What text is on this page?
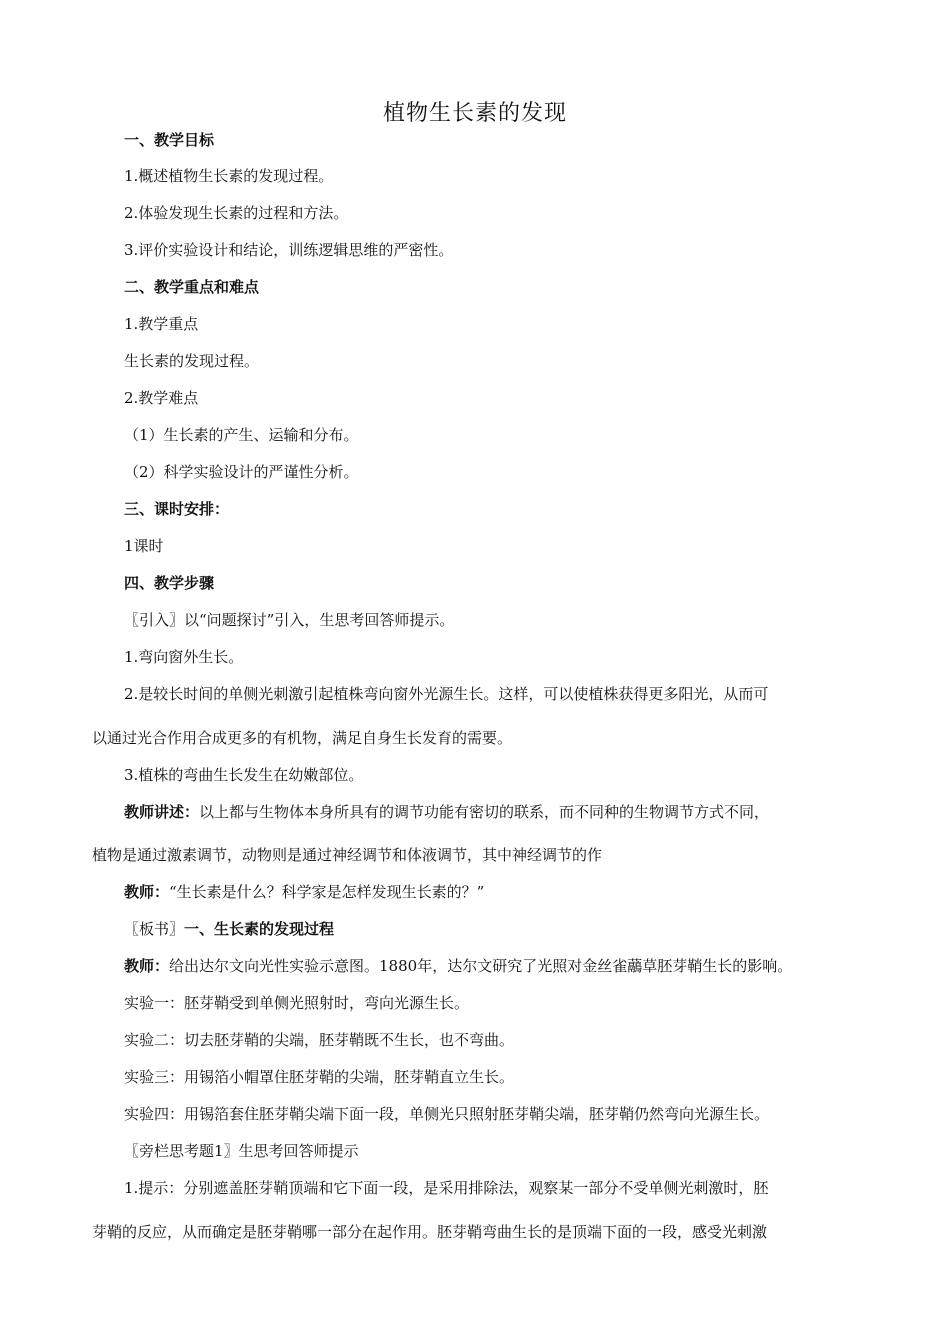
植物生长素的发现
一、教学目标
1.概述植物生长素的发现过程。
2.体验发现生长素的过程和方法。
3.评价实验设计和结论，训练逻辑思维的严密性。
二、教学重点和难点
1.教学重点
生长素的发现过程。
2.教学难点
（1）生长素的产生、运输和分布。
（2）科学实验设计的严谨性分析。
三、课时安排：
1课时
四、教学步骤
〖引入〗以“问题探讨”引入，生思考回答师提示。
1.弯向窗外生长。
2.是较长时间的单侧光刺激引起植株弯向窗外光源生长。这样，可以使植株获得更多阳光，从而可
以通过光合作用合成更多的有机物，满足自身生长发育的需要。
3.植株的弯曲生长发生在幼嫩部位。
教师讲述：以上都与生物体本身所具有的调节功能有密切的联系，而不同种的生物调节方式不同，
植物是通过激素调节，动物则是通过神经调节和体液调节，其中神经调节的作
教师：“生长素是什么？科学家是怎样发现生长素的？”
〖板书〗一、生长素的发现过程
教师：给出达尔文向光性实验示意图。1880年，达尔文研究了光照对金丝雀虉草胚芽鞘生长的影响。
实验一：胚芽鞘受到单侧光照射时，弯向光源生长。
实验二：切去胚芽鞘的尖端，胚芽鞘既不生长，也不弯曲。
实验三：用锡箔小帽罩住胚芽鞘的尖端，胚芽鞘直立生长。
实验四：用锡箔套住胚芽鞘尖端下面一段，单侧光只照射胚芽鞘尖端，胚芽鞘仍然弯向光源生长。
〖旁栏思考题1〗生思考回答师提示
1.提示：分别遮盖胚芽鞘顶端和它下面一段，是采用排除法，观察某一部分不受单侧光刺激时，胚
芽鞘的反应，从而确定是胚芽鞘哪一部分在起作用。胚芽鞘弯曲生长的是顶端下面的一段，感受光刺激
